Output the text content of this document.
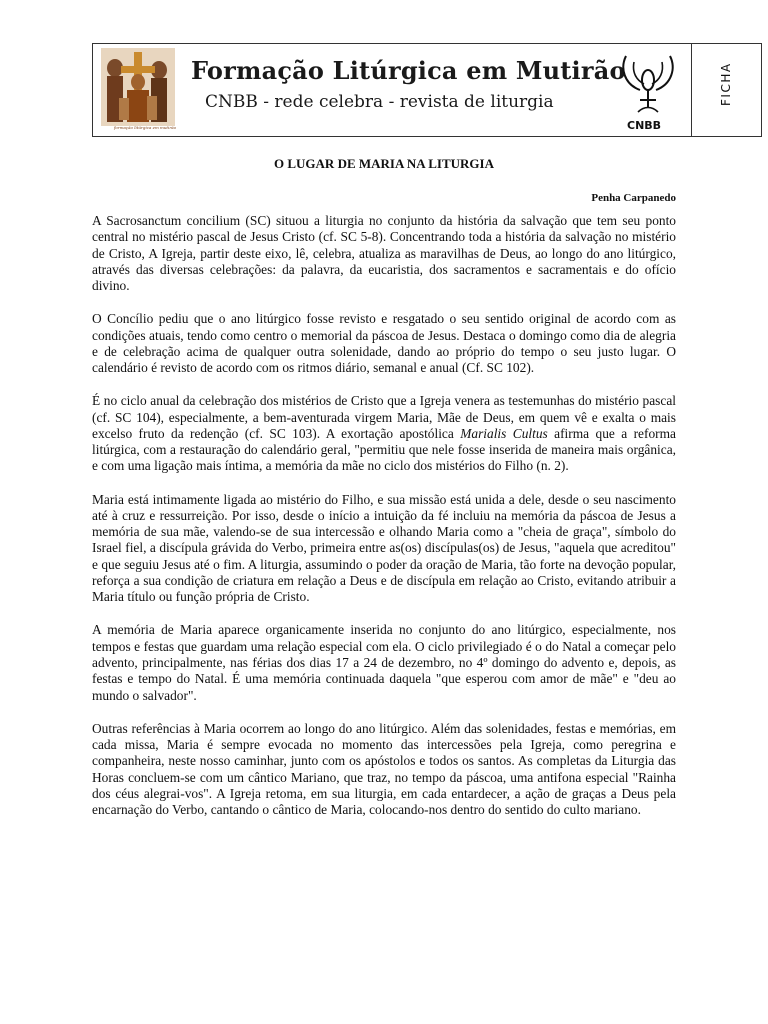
formação litúrgica em mutirão
Formação Litúrgica em Mutirão
CNBB - rede celebra - revista de liturgia
CNBB
FICHA
O LUGAR DE MARIA NA LITURGIA
Penha Carpanedo

A Sacrosanctum concilium (SC) situou a liturgia no conjunto da história da salvação que tem seu ponto central no mistério pascal de Jesus Cristo (cf. SC 5-8). Concentrando toda a história da salvação no mistério de Cristo, A Igreja, partir deste eixo, lê, celebra, atualiza as maravilhas de Deus, ao longo do ano litúrgico, através das diversas celebrações: da palavra, da eucaristia, dos sacramentos e sacramentais e do ofício divino.

O Concílio pediu que o ano litúrgico fosse revisto e resgatado o seu sentido original de acordo com as condições atuais, tendo como centro o memorial da páscoa de Jesus. Destaca o domingo como dia de alegria e de celebração acima de qualquer outra solenidade, dando ao próprio do tempo o seu justo lugar. O calendário é revisto de acordo com os ritmos diário, semanal e anual (Cf. SC 102).

É no ciclo anual da celebração dos mistérios de Cristo que a Igreja venera as testemunhas do mistério pascal (cf. SC 104), especialmente, a bem-aventurada virgem Maria, Mãe de Deus, em quem vê e exalta o mais excelso fruto da redenção (cf. SC 103). A exortação apostólica Marialis Cultus afirma que a reforma litúrgica, com a restauração do calendário geral, "permitiu que nele fosse inserida de maneira mais orgânica, e com uma ligação mais íntima, a memória da mãe no ciclo dos mistérios do Filho (n. 2).

Maria está intimamente ligada ao mistério do Filho, e sua missão está unida a dele, desde o seu nascimento até à cruz e ressurreição. Por isso, desde o início a intuição da fé incluiu na memória da páscoa de Jesus a memória de sua mãe, valendo-se de sua intercessão e olhando Maria como a "cheia de graça", símbolo do Israel fiel, a discípula grávida do Verbo, primeira entre as(os) discípulas(os) de Jesus, "aquela que acreditou" e que seguiu Jesus até o fim. A liturgia, assumindo o poder da oração de Maria, tão forte na devoção popular, reforça a sua condição de criatura em relação a Deus e de discípula em relação ao Cristo, evitando atribuir a Maria título ou função própria de Cristo.

A memória de Maria aparece organicamente inserida no conjunto do ano litúrgico, especialmente, nos tempos e festas que guardam uma relação especial com ela. O ciclo privilegiado é o do Natal a começar pelo advento, principalmente, nas férias dos dias 17 a 24 de dezembro, no 4º domingo do advento e, depois, as festas e tempo do Natal. É uma memória continuada daquela "que esperou com amor de mãe" e "deu ao mundo o salvador".

Outras referências à Maria ocorrem ao longo do ano litúrgico. Além das solenidades, festas e memórias, em cada missa, Maria é sempre evocada no momento das intercessões pela Igreja, como peregrina e companheira, neste nosso caminhar, junto com os apóstolos e todos os santos. As completas da Liturgia das Horas concluem-se com um cântico Mariano, que traz, no tempo da páscoa, uma antifona especial "Rainha dos céus alegrai-vos". A Igreja retoma, em sua liturgia, em cada entardecer, a ação de graças a Deus pela encarnação do Verbo, cantando o cântico de Maria, colocando-nos dentro do sentido do culto mariano.
